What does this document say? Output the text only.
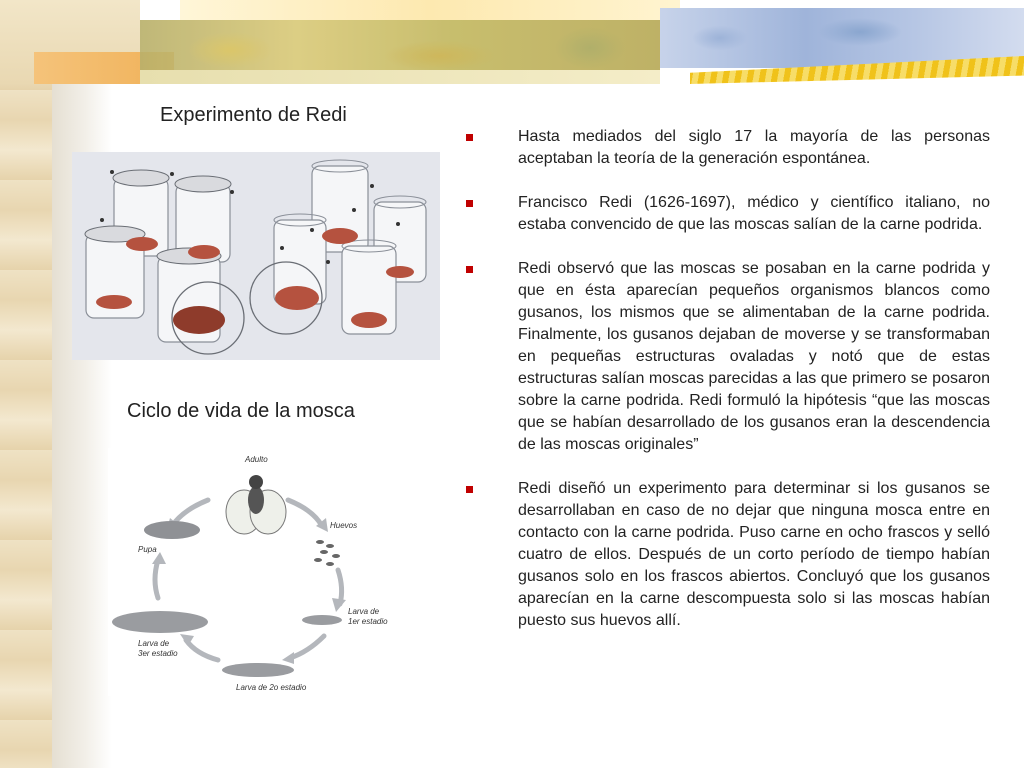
Experimento de Redi
Ciclo de vida de la mosca
Adulto
Huevos
Larva de
1er estadio
Larva de 2o estadio
Larva de
3er estadio
Pupa
Hasta mediados del siglo 17 la mayoría de las personas aceptaban la teoría de la generación espontánea.
Francisco Redi (1626-1697), médico y científico italiano, no estaba convencido de que las moscas salían de la carne podrida.
Redi observó que las moscas se posaban en la carne podrida y que en ésta aparecían pequeños organismos blancos como gusanos, los mismos que se alimentaban de la carne podrida. Finalmente, los gusanos dejaban de moverse y se transformaban en pequeñas estructuras ovaladas y notó que de estas estructuras salían moscas parecidas a las que primero se posaron sobre la carne podrida. Redi formuló la hipótesis “que las moscas que se habían desarrollado de los gusanos eran la descendencia de las moscas originales”
Redi diseñó un experimento para determinar si los gusanos se desarrollaban en caso de no dejar que ninguna mosca entre en contacto con la carne podrida. Puso carne en ocho frascos y selló cuatro de ellos. Después de un corto período de tiempo habían gusanos solo en los frascos abiertos. Concluyó que los gusanos aparecían en la carne descompuesta solo si las moscas habían puesto sus huevos allí.
